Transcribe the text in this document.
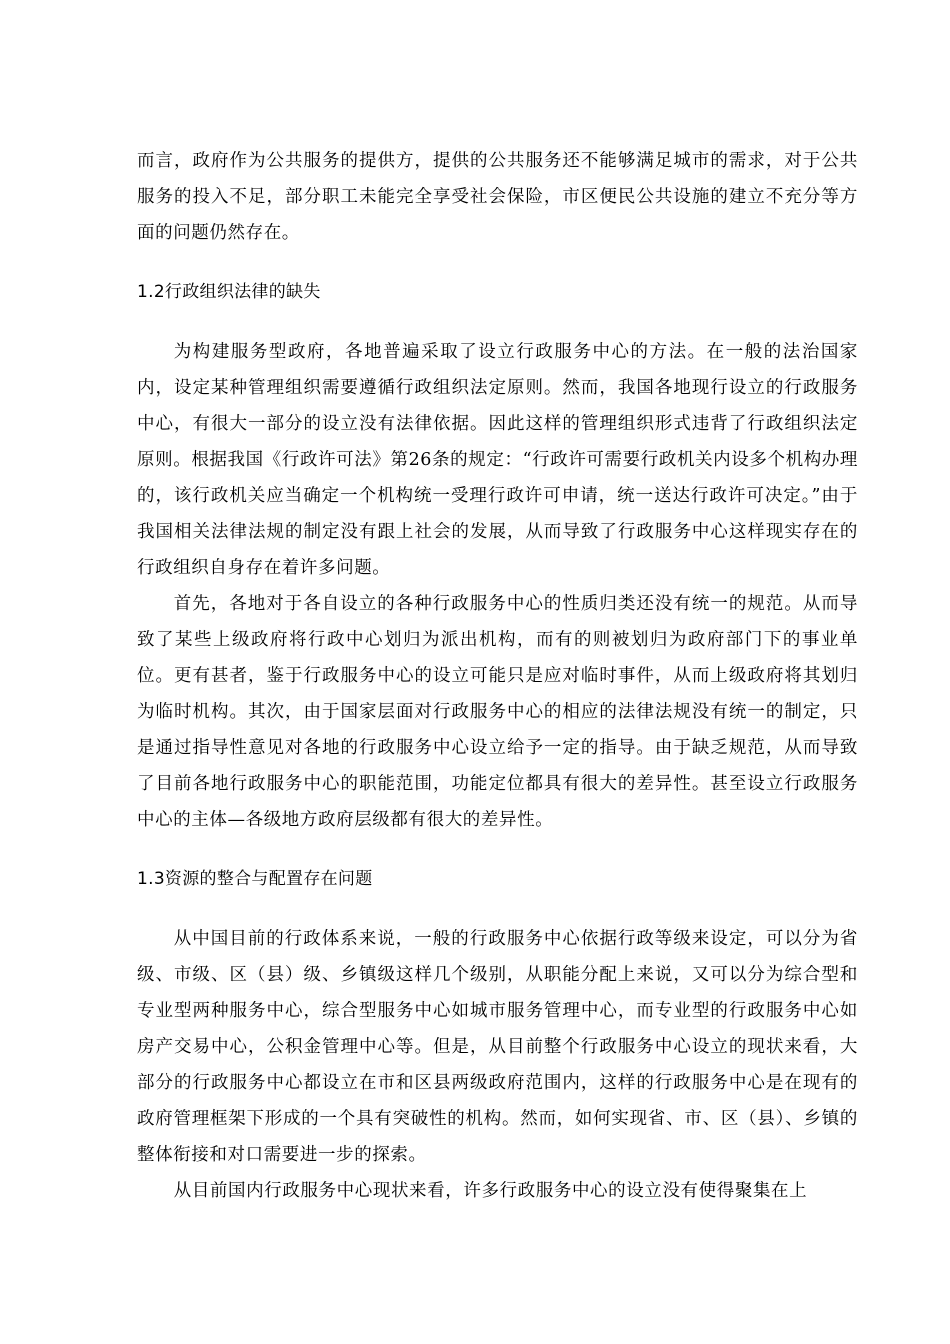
而言，政府作为公共服务的提供方，提供的公共服务还不能够满足城市的需求，对于公共服务的投入不足，部分职工未能完全享受社会保险，市区便民公共设施的建立不充分等方面的问题仍然存在。

1.2行政组织法律的缺失

为构建服务型政府，各地普遍采取了设立行政服务中心的方法。在一般的法治国家内，设定某种管理组织需要遵循行政组织法定原则。然而，我国各地现行设立的行政服务中心，有很大一部分的设立没有法律依据。因此这样的管理组织形式违背了行政组织法定原则。根据我国《行政许可法》第26条的规定：“行政许可需要行政机关内设多个机构办理的，该行政机关应当确定一个机构统一受理行政许可申请，统一送达行政许可决定。”由于我国相关法律法规的制定没有跟上社会的发展，从而导致了行政服务中心这样现实存在的行政组织自身存在着许多问题。

首先，各地对于各自设立的各种行政服务中心的性质归类还没有统一的规范。从而导致了某些上级政府将行政中心划归为派出机构，而有的则被划归为政府部门下的事业单位。更有甚者，鉴于行政服务中心的设立可能只是应对临时事件，从而上级政府将其划归为临时机构。其次，由于国家层面对行政服务中心的相应的法律法规没有统一的制定，只是通过指导性意见对各地的行政服务中心设立给予一定的指导。由于缺乏规范，从而导致了目前各地行政服务中心的职能范围，功能定位都具有很大的差异性。甚至设立行政服务中心的主体—各级地方政府层级都有很大的差异性。

1.3资源的整合与配置存在问题

从中国目前的行政体系来说，一般的行政服务中心依据行政等级来设定，可以分为省级、市级、区（县）级、乡镇级这样几个级别，从职能分配上来说，又可以分为综合型和专业型两种服务中心，综合型服务中心如城市服务管理中心，而专业型的行政服务中心如房产交易中心，公积金管理中心等。但是，从目前整个行政服务中心设立的现状来看，大部分的行政服务中心都设立在市和区县两级政府范围内，这样的行政服务中心是在现有的政府管理框架下形成的一个具有突破性的机构。然而，如何实现省、市、区（县）、乡镇的整体衔接和对口需要进一步的探索。

从目前国内行政服务中心现状来看，许多行政服务中心的设立没有使得聚集在上
